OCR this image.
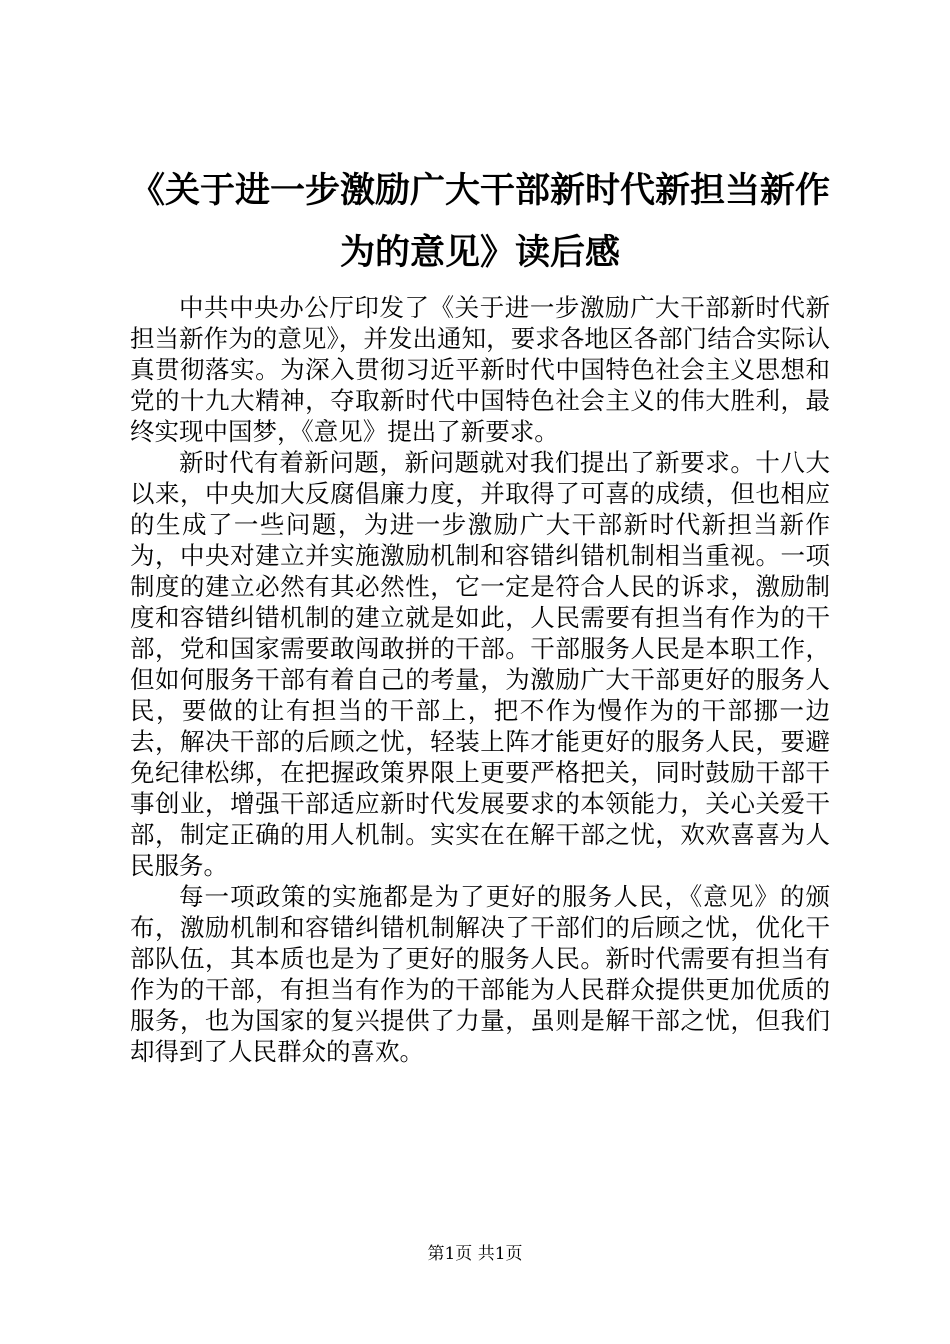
《关于进一步激励广大干部新时代新担当新作
为的意见》读后感

中共中央办公厅印发了《关于进一步激励广大干部新时代新担当新作为的意见》，并发出通知，要求各地区各部门结合实际认真贯彻落实。为深入贯彻习近平新时代中国特色社会主义思想和党的十九大精神，夺取新时代中国特色社会主义的伟大胜利，最终实现中国梦，《意见》提出了新要求。

新时代有着新问题，新问题就对我们提出了新要求。十八大以来，中央加大反腐倡廉力度，并取得了可喜的成绩，但也相应的生成了一些问题，为进一步激励广大干部新时代新担当新作为，中央对建立并实施激励机制和容错纠错机制相当重视。一项制度的建立必然有其必然性，它一定是符合人民的诉求，激励制度和容错纠错机制的建立就是如此，人民需要有担当有作为的干部，党和国家需要敢闯敢拼的干部。干部服务人民是本职工作，但如何服务干部有着自己的考量，为激励广大干部更好的服务人民，要做的让有担当的干部上，把不作为慢作为的干部挪一边去，解决干部的后顾之忧，轻装上阵才能更好的服务人民，要避免纪律松绑，在把握政策界限上更要严格把关，同时鼓励干部干事创业，增强干部适应新时代发展要求的本领能力，关心关爱干部，制定正确的用人机制。实实在在解干部之忧，欢欢喜喜为人民服务。

每一项政策的实施都是为了更好的服务人民，《意见》的颁布，激励机制和容错纠错机制解决了干部们的后顾之忧，优化干部队伍，其本质也是为了更好的服务人民。新时代需要有担当有作为的干部，有担当有作为的干部能为人民群众提供更加优质的服务，也为国家的复兴提供了力量，虽则是解干部之忧，但我们却得到了人民群众的喜欢。

第1页 共1页
